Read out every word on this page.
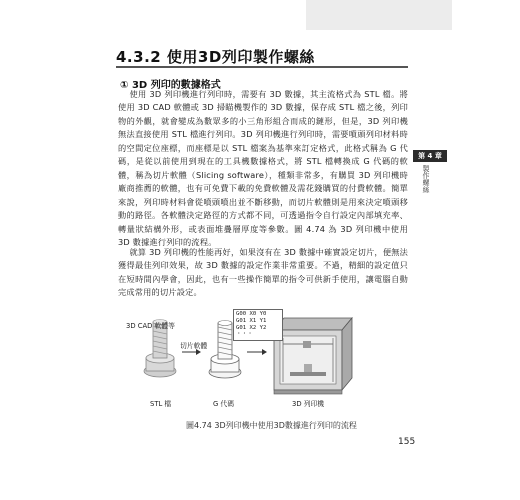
4.3.2 使用3D列印製作螺絲
① 3D 列印的數據格式

使用 3D 列印機進行列印時，需要有 3D 數據，其主流格式為 STL 檔。將使用 3D CAD 軟體或 3D 掃瞄機製作的 3D 數據，保存成 STL 檔之後，列印物的外觀，就會變成為數眾多的小三角形組合而成的鏈形，但是，3D 列印機無法直接使用 STL 檔進行列印。3D 列印機進行列印時，需要噴頭列印材料時的空間定位座標，而座標是以 STL 檔案為基準來訂定格式，此格式稱為 G 代碼，是從以前使用到現在的工具機數據格式，將 STL 檔轉換成 G 代碼的軟體，稱為切片軟體（Slicing software），種類非常多，有購買 3D 列印機時廠商推薦的軟體，也有可免費下載的免費軟體及需花錢購買的付費軟體。簡單來說，列印時材料會從噴頭噴出並不斷移動，而切片軟體則是用來決定噴頭移動的路徑。各軟體決定路徑的方式都不同，可透過指令自行設定內部填充率、轉量狀結構外形，或表面堆疊層厚度等參數。圖 4.74 為 3D 列印機中使用 3D 數據進行列印的流程。

就算 3D 列印機的性能再好，如果沒有在 3D 數據中確實設定切片，便無法獲得最佳列印效果，故 3D 數據的設定作業非常重要。不過，精細的設定值只在短時間內學會，因此，也有一些操作簡單的指令可供新手使用，讓電腦自動完成常用的切片設定。

第 4 章
製作螺絲
3D CAD 軟體等
切片軟體
G00 X0 Y0
G01 X1 Y1
G01 X2 Y2
・・・
STL 檔	G 代碼	3D 列印機
圖4.74 3D列印機中使用3D數據進行列印的流程
155
